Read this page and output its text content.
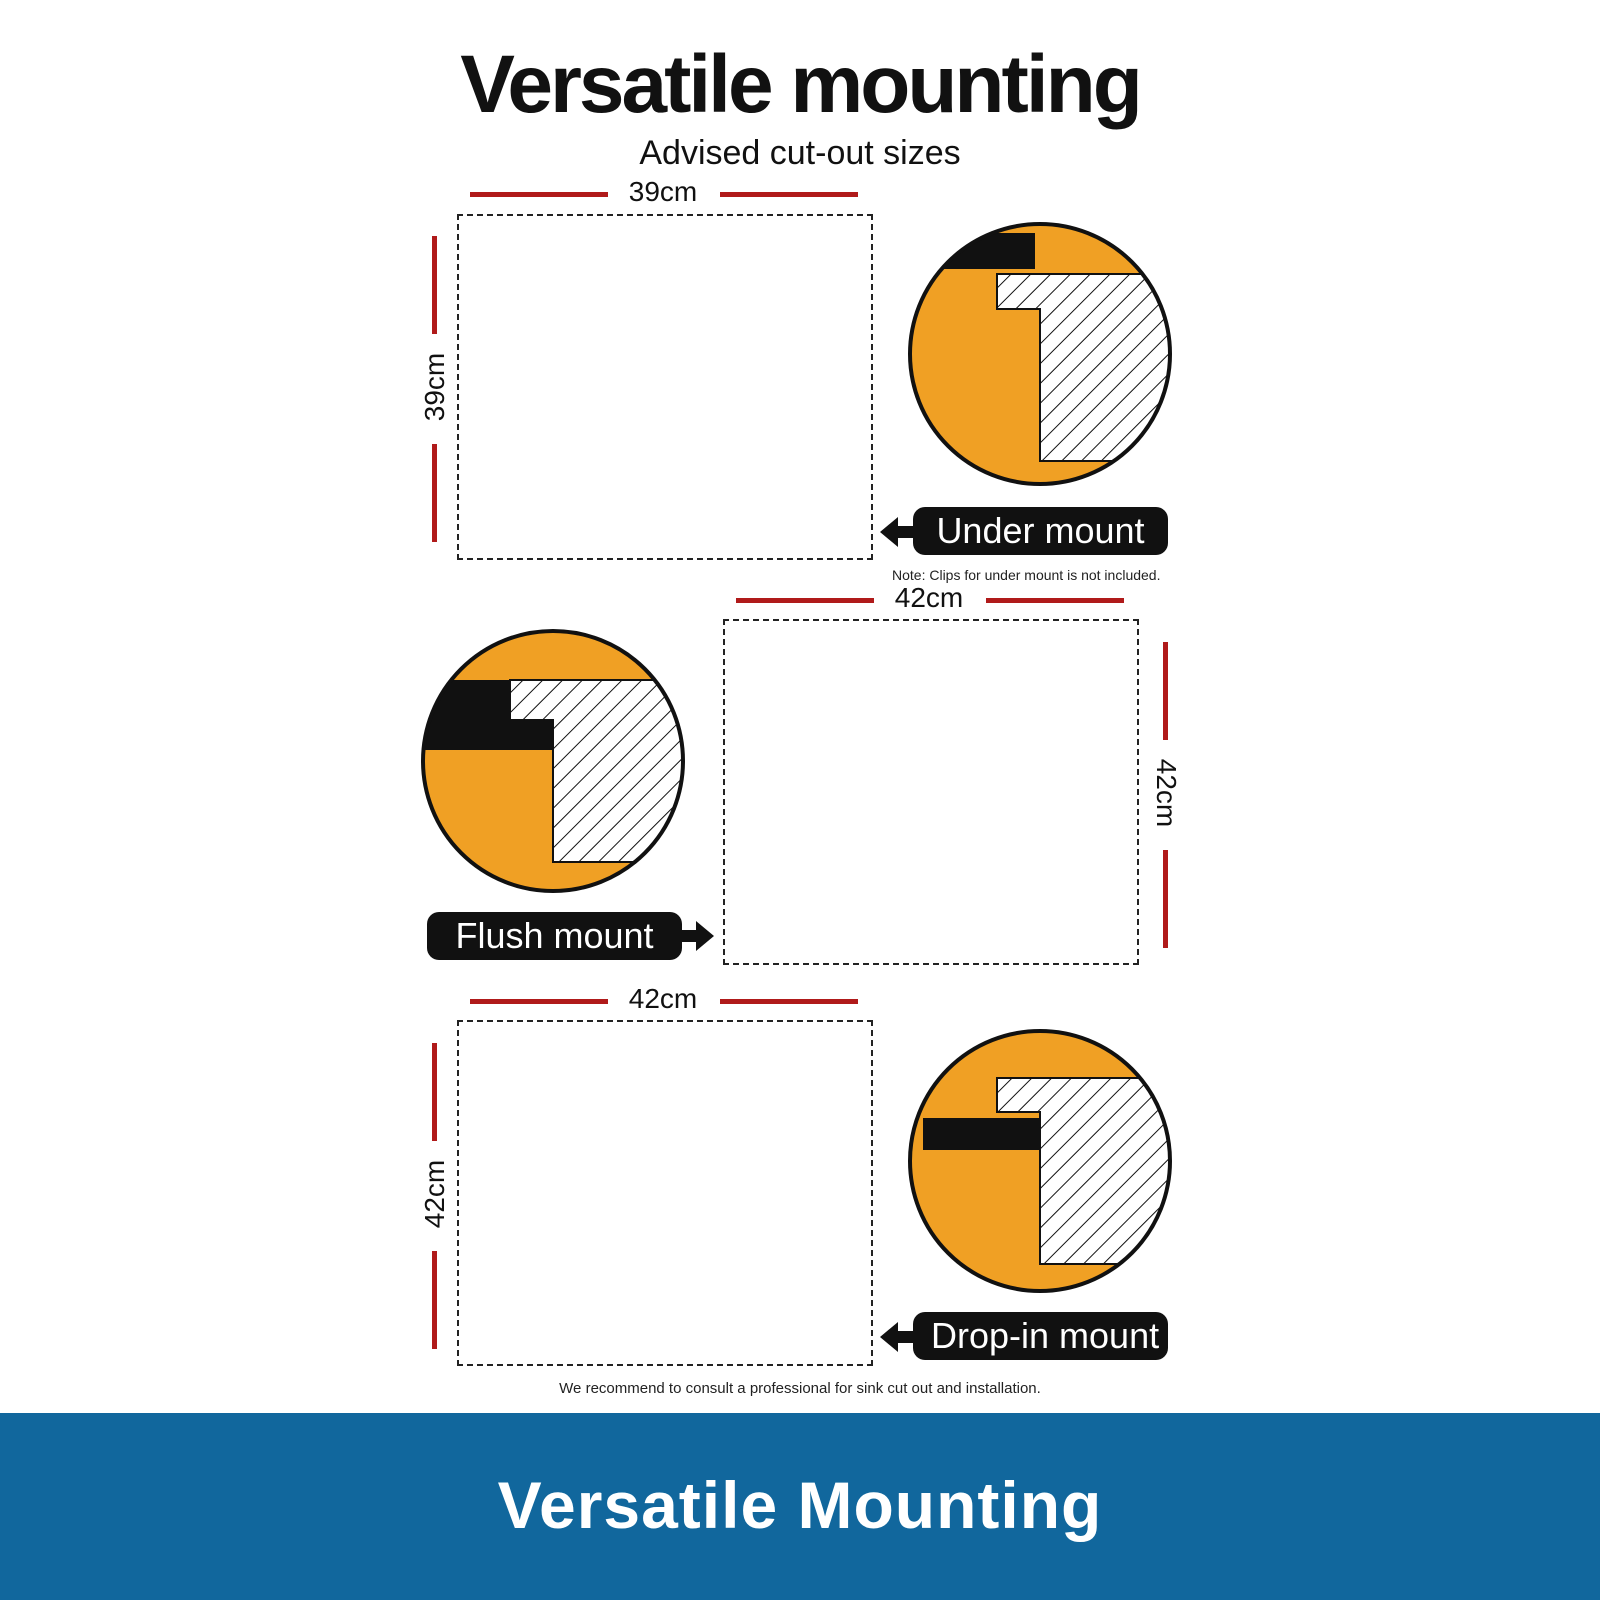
Versatile mounting
Advised cut-out sizes
39cm
39cm
Under mount
Note: Clips for under mount is not included.
42cm
42cm
Flush mount
42cm
42cm
Drop-in mount
We recommend to consult a professional for sink cut out and installation.
Versatile Mounting
